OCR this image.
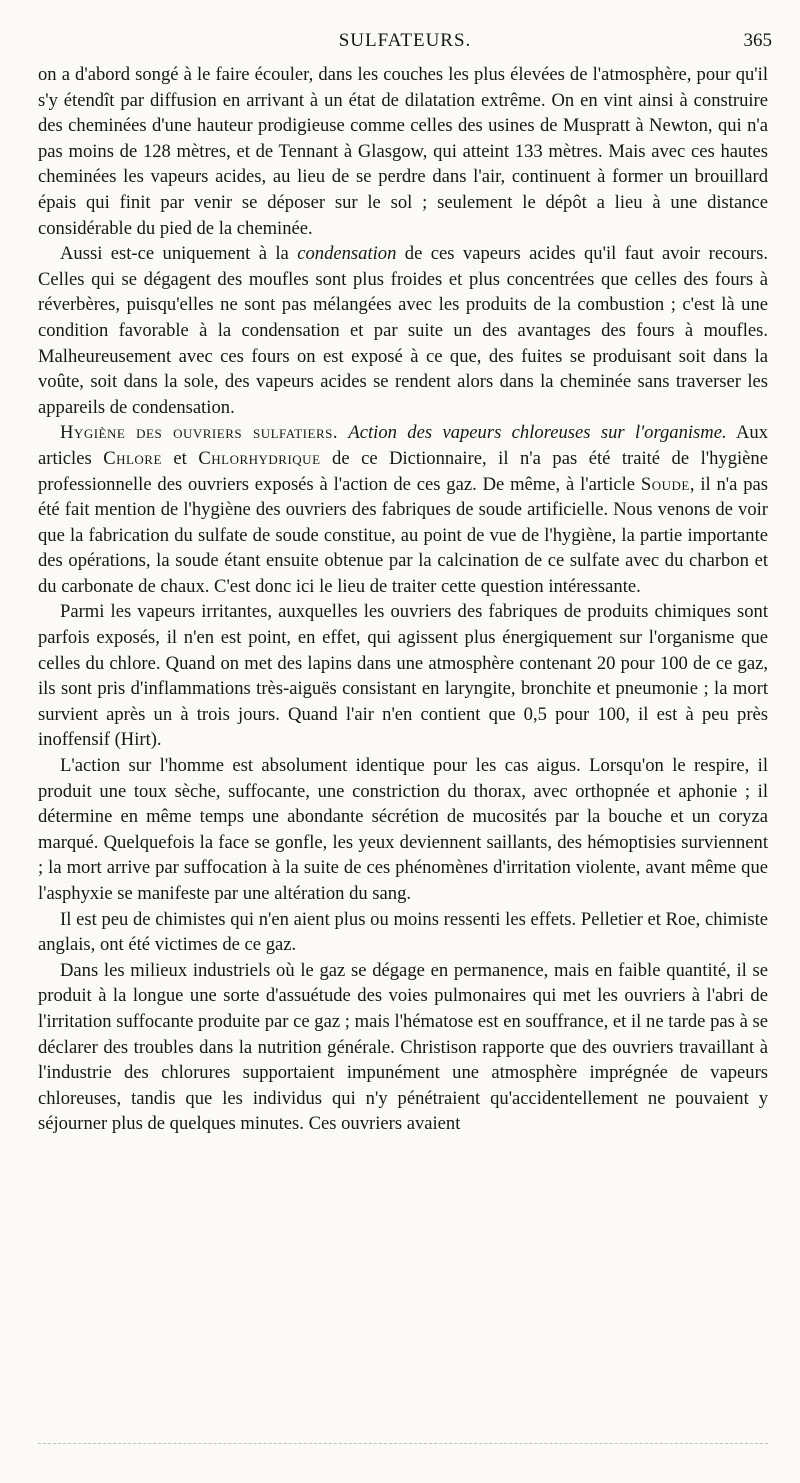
SULFATEURS.	365

on a d'abord songé à le faire écouler, dans les couches les plus élevées de l'atmosphère, pour qu'il s'y étendît par diffusion en arrivant à un état de dilatation extrême. On en vint ainsi à construire des cheminées d'une hauteur prodigieuse comme celles des usines de Muspratt à Newton, qui n'a pas moins de 128 mètres, et de Tennant à Glasgow, qui atteint 133 mètres. Mais avec ces hautes cheminées les vapeurs acides, au lieu de se perdre dans l'air, continuent à former un brouillard épais qui finit par venir se déposer sur le sol ; seulement le dépôt a lieu à une distance considérable du pied de la cheminée.

Aussi est-ce uniquement à la condensation de ces vapeurs acides qu'il faut avoir recours. Celles qui se dégagent des moufles sont plus froides et plus concentrées que celles des fours à réverbères, puisqu'elles ne sont pas mélangées avec les produits de la combustion ; c'est là une condition favorable à la condensation et par suite un des avantages des fours à moufles. Malheureusement avec ces fours on est exposé à ce que, des fuites se produisant soit dans la voûte, soit dans la sole, des vapeurs acides se rendent alors dans la cheminée sans traverser les appareils de condensation.

Hygiène des ouvriers sulfatiers. Action des vapeurs chloreuses sur l'organisme. Aux articles Chlore et Chlorhydrique de ce Dictionnaire, il n'a pas été traité de l'hygiène professionnelle des ouvriers exposés à l'action de ces gaz. De même, à l'article Soude, il n'a pas été fait mention de l'hygiène des ouvriers des fabriques de soude artificielle. Nous venons de voir que la fabrication du sulfate de soude constitue, au point de vue de l'hygiène, la partie importante des opérations, la soude étant ensuite obtenue par la calcination de ce sulfate avec du charbon et du carbonate de chaux. C'est donc ici le lieu de traiter cette question intéressante.

Parmi les vapeurs irritantes, auxquelles les ouvriers des fabriques de produits chimiques sont parfois exposés, il n'en est point, en effet, qui agissent plus énergiquement sur l'organisme que celles du chlore. Quand on met des lapins dans une atmosphère contenant 20 pour 100 de ce gaz, ils sont pris d'inflammations très-aiguës consistant en laryngite, bronchite et pneumonie ; la mort survient après un à trois jours. Quand l'air n'en contient que 0,5 pour 100, il est à peu près inoffensif (Hirt).

L'action sur l'homme est absolument identique pour les cas aigus. Lorsqu'on le respire, il produit une toux sèche, suffocante, une constriction du thorax, avec orthopnée et aphonie ; il détermine en même temps une abondante sécrétion de mucosités par la bouche et un coryza marqué. Quelquefois la face se gonfle, les yeux deviennent saillants, des hémoptisies surviennent ; la mort arrive par suffocation à la suite de ces phénomènes d'irritation violente, avant même que l'asphyxie se manifeste par une altération du sang.

Il est peu de chimistes qui n'en aient plus ou moins ressenti les effets. Pelletier et Roe, chimiste anglais, ont été victimes de ce gaz.

Dans les milieux industriels où le gaz se dégage en permanence, mais en faible quantité, il se produit à la longue une sorte d'assuétude des voies pulmonaires qui met les ouvriers à l'abri de l'irritation suffocante produite par ce gaz ; mais l'hématose est en souffrance, et il ne tarde pas à se déclarer des troubles dans la nutrition générale. Christison rapporte que des ouvriers travaillant à l'industrie des chlorures supportaient impunément une atmosphère imprégnée de vapeurs chloreuses, tandis que les individus qui n'y pénétraient qu'accidentellement ne pouvaient y séjourner plus de quelques minutes. Ces ouvriers avaient
